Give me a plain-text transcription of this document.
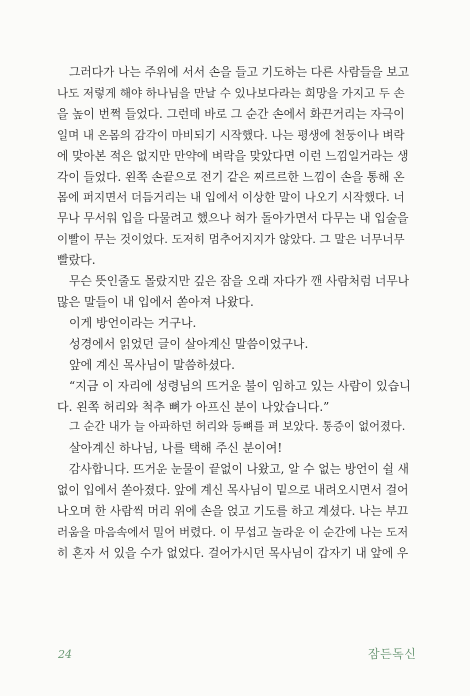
그러다가 나는 주위에 서서 손을 들고 기도하는 다른 사람들을 보고

나도 저렇게 해야 하나님을 만날 수 있나보다라는 희망을 가지고 두 손

을 높이 번쩍 들었다. 그런데 바로 그 순간 손에서 화끈거리는 자극이

일며 내 온몸의 감각이 마비되기 시작했다. 나는 평생에 천둥이나 벼락

에 맞아본 적은 없지만 만약에 벼락을 맞았다면 이런 느낌일거라는 생

각이 들었다. 왼쪽 손끝으로 전기 같은 찌르르한 느낌이 손을 통해 온

몸에 퍼지면서 더듬거리는 내 입에서 이상한 말이 나오기 시작했다. 너

무나 무서워 입을 다물려고 했으나 혀가 돌아가면서 다무는 내 입술을

이빨이 무는 것이었다. 도저히 멈추어지지가 않았다. 그 말은 너무너무

빨랐다.

무슨 뜻인줄도 몰랐지만 깊은 잠을 오래 자다가 깬 사람처럼 너무나

많은 말들이 내 입에서 쏟아져 나왔다.

이게 방언이라는 거구나.

성경에서 읽었던 글이 살아계신 말씀이었구나.

앞에 계신 목사님이 말씀하셨다.

“지금 이 자리에 성령님의 뜨거운 불이 임하고 있는 사람이 있습니

다. 왼쪽 허리와 척추 뼈가 아프신 분이 나았습니다.”

그 순간 내가 늘 아파하던 허리와 등뼈를 펴 보았다. 통증이 없어졌다.

살아계신 하나님, 나를 택해 주신 분이여!

감사합니다. 뜨거운 눈물이 끝없이 나왔고, 알 수 없는 방언이 쉴 새

없이 입에서 쏟아졌다. 앞에 계신 목사님이 밑으로 내려오시면서 걸어

나오며 한 사람씩 머리 위에 손을 얹고 기도를 하고 계셨다. 나는 부끄

러움을 마음속에서 밀어 버렸다. 이 무섭고 놀라운 이 순간에 나는 도저

히 혼자 서 있을 수가 없었다. 걸어가시던 목사님이 갑자기 내 앞에 우

24	잠든독신
